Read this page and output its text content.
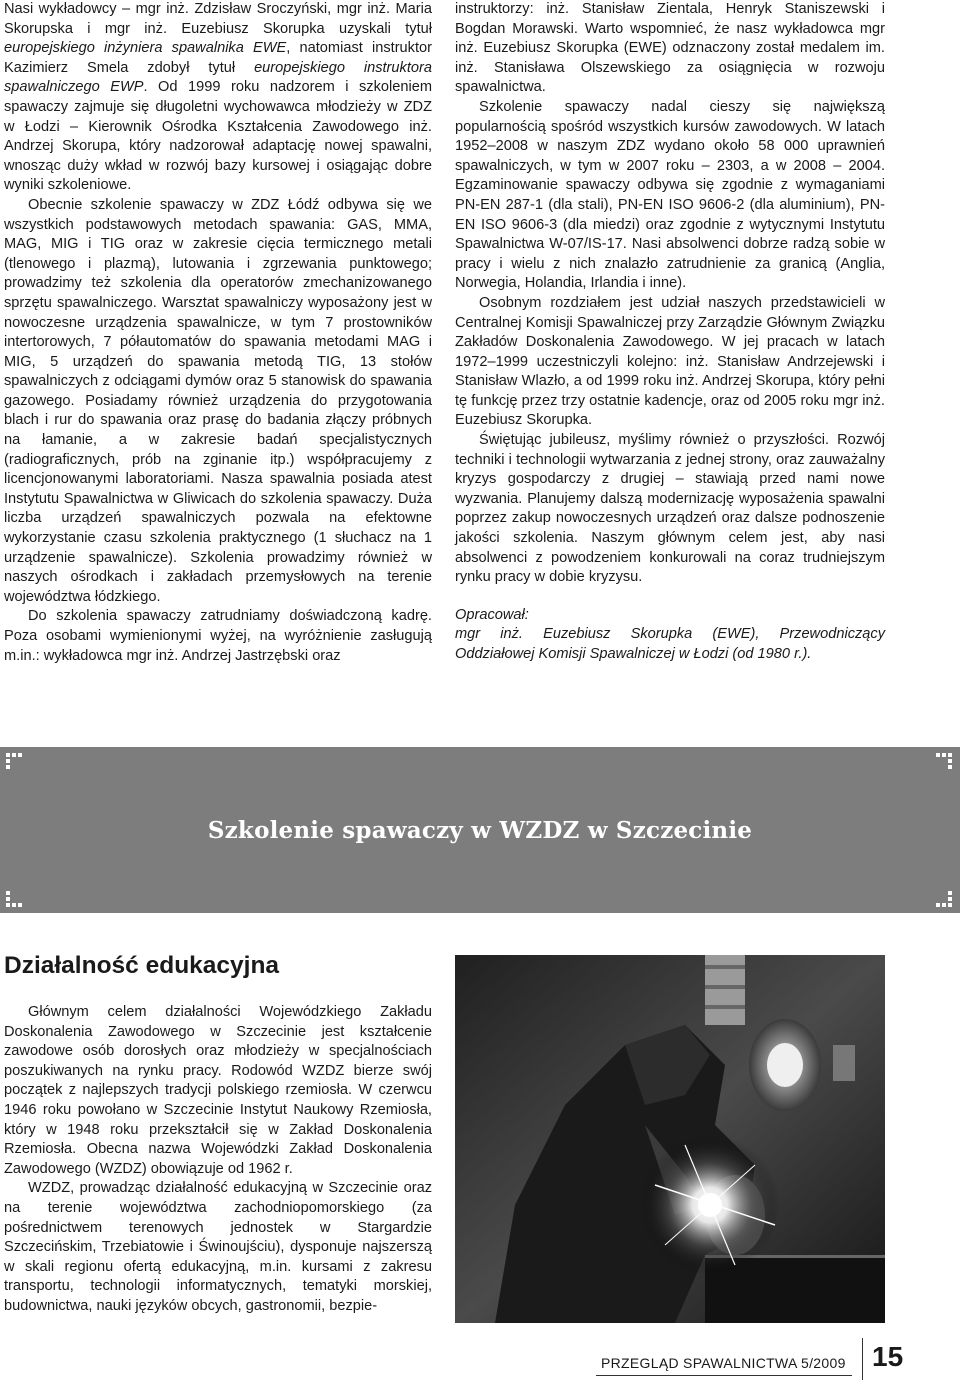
Nasi wykładowcy – mgr inż. Zdzisław Sroczyński, mgr inż. Maria Skorupska i mgr inż. Euzebiusz Skorupka uzyskali tytuł europejskiego inżyniera spawalnika EWE, natomiast instruktor Kazimierz Smela zdobył tytuł europejskiego instruktora spawalniczego EWP. Od 1999 roku nadzorem i szkoleniem spawaczy zajmuje się długoletni wychowawca młodzieży w ZDZ w Łodzi – Kierownik Ośrodka Kształcenia Zawodowego inż. Andrzej Skorupa, który nadzorował adaptację nowej spawalni, wnosząc duży wkład w rozwój bazy kursowej i osiągając dobre wyniki szkoleniowe.

Obecnie szkolenie spawaczy w ZDZ Łódź odbywa się we wszystkich podstawowych metodach spawania: GAS, MMA, MAG, MIG i TIG oraz w zakresie cięcia termicznego metali (tlenowego i plazmą), lutowania i zgrzewania punktowego; prowadzimy też szkolenia dla operatorów zmechanizowanego sprzętu spawalniczego. Warsztat spawalniczy wyposażony jest w nowoczesne urządzenia spawalnicze, w tym 7 prostowników intertorowych, 7 półautomatów do spawania metodami MAG i MIG, 5 urządzeń do spawania metodą TIG, 13 stołów spawalniczych z odciągami dymów oraz 5 stanowisk do spawania gazowego. Posiadamy również urządzenia do przygotowania blach i rur do spawania oraz prasę do badania złączy próbnych na łamanie, a w zakresie badań specjalistycznych (radiograficznych, prób na zginanie itp.) współpracujemy z licencjonowanymi laboratoriami. Nasza spawalnia posiada atest Instytutu Spawalnictwa w Gliwicach do szkolenia spawaczy. Duża liczba urządzeń spawalniczych pozwala na efektowne wykorzystanie czasu szkolenia praktycznego (1 słuchacz na 1 urządzenie spawalnicze). Szkolenia prowadzimy również w naszych ośrodkach i zakładach przemysłowych na terenie województwa łódzkiego.

Do szkolenia spawaczy zatrudniamy doświadczoną kadrę. Poza osobami wymienionymi wyżej, na wyróżnienie zasługują m.in.: wykładowca mgr inż. Andrzej Jastrzębski oraz

instruktorzy: inż. Stanisław Zientala, Henryk Staniszewski i Bogdan Morawski. Warto wspomnieć, że nasz wykładowca mgr inż. Euzebiusz Skorupka (EWE) odznaczony został medalem im. inż. Stanisława Olszewskiego za osiągnięcia w rozwoju spawalnictwa.

Szkolenie spawaczy nadal cieszy się największą popularnością spośród wszystkich kursów zawodowych. W latach 1952–2008 w naszym ZDZ wydano około 58 000 uprawnień spawalniczych, w tym w 2007 roku – 2303, a w 2008 – 2004. Egzaminowanie spawaczy odbywa się zgodnie z wymaganiami PN-EN 287-1 (dla stali), PN-EN ISO 9606-2 (dla aluminium), PN-EN ISO 9606-3 (dla miedzi) oraz zgodnie z wytycznymi Instytutu Spawalnictwa W-07/IS-17. Nasi absolwenci dobrze radzą sobie w pracy i wielu z nich znalazło zatrudnienie za granicą (Anglia, Norwegia, Holandia, Irlandia i inne).

Osobnym rozdziałem jest udział naszych przedstawicieli w Centralnej Komisji Spawalniczej przy Zarządzie Głównym Związku Zakładów Doskonalenia Zawodowego. W jej pracach w latach 1972–1999 uczestniczyli kolejno: inż. Stanisław Andrzejewski i Stanisław Wlazło, a od 1999 roku inż. Andrzej Skorupa, który pełni tę funkcję przez trzy ostatnie kadencje, oraz od 2005 roku mgr inż. Euzebiusz Skorupka.

Świętując jubileusz, myślimy również o przyszłości. Rozwój techniki i technologii wytwarzania z jednej strony, oraz zauważalny kryzys gospodarczy z drugiej – stawiają przed nami nowe wyzwania. Planujemy dalszą modernizację wyposażenia spawalni poprzez zakup nowoczesnych urządzeń oraz dalsze podnoszenie jakości szkolenia. Naszym głównym celem jest, aby nasi absolwenci z powodzeniem konkurowali na coraz trudniejszym rynku pracy w dobie kryzysu.

Opracował:

mgr inż. Euzebiusz Skorupka (EWE), Przewodniczący Oddziałowej Komisji Spawalniczej w Łodzi (od 1980 r.).

Szkolenie spawaczy w WZDZ w Szczecinie
Działalność edukacyjna

Głównym celem działalności Wojewódzkiego Zakładu Doskonalenia Zawodowego w Szczecinie jest kształcenie zawodowe osób dorosłych oraz młodzieży w specjalnościach poszukiwanych na rynku pracy. Rodowód WZDZ bierze swój początek z najlepszych tradycji polskiego rzemiosła. W czerwcu 1946 roku powołano w Szczecinie Instytut Naukowy Rzemiosła, który w 1948 roku przekształcił się w Zakład Doskonalenia Rzemiosła. Obecna nazwa Wojewódzki Zakład Doskonalenia Zawodowego (WZDZ) obowiązuje od 1962 r.

WZDZ, prowadząc działalność edukacyjną w Szczecinie oraz na terenie województwa zachodniopomorskiego (za pośrednictwem terenowych jednostek w Stargardzie Szczecińskim, Trzebiatowie i Świnoujściu), dysponuje najszerszą w skali regionu ofertą edukacyjną, m.in. kursami z zakresu transportu, technologii informatycznych, tematyki morskiej, budownictwa, nauki języków obcych, gastronomii, bezpie-

PRZEGLĄD SPAWALNICTWA 5/2009 15
